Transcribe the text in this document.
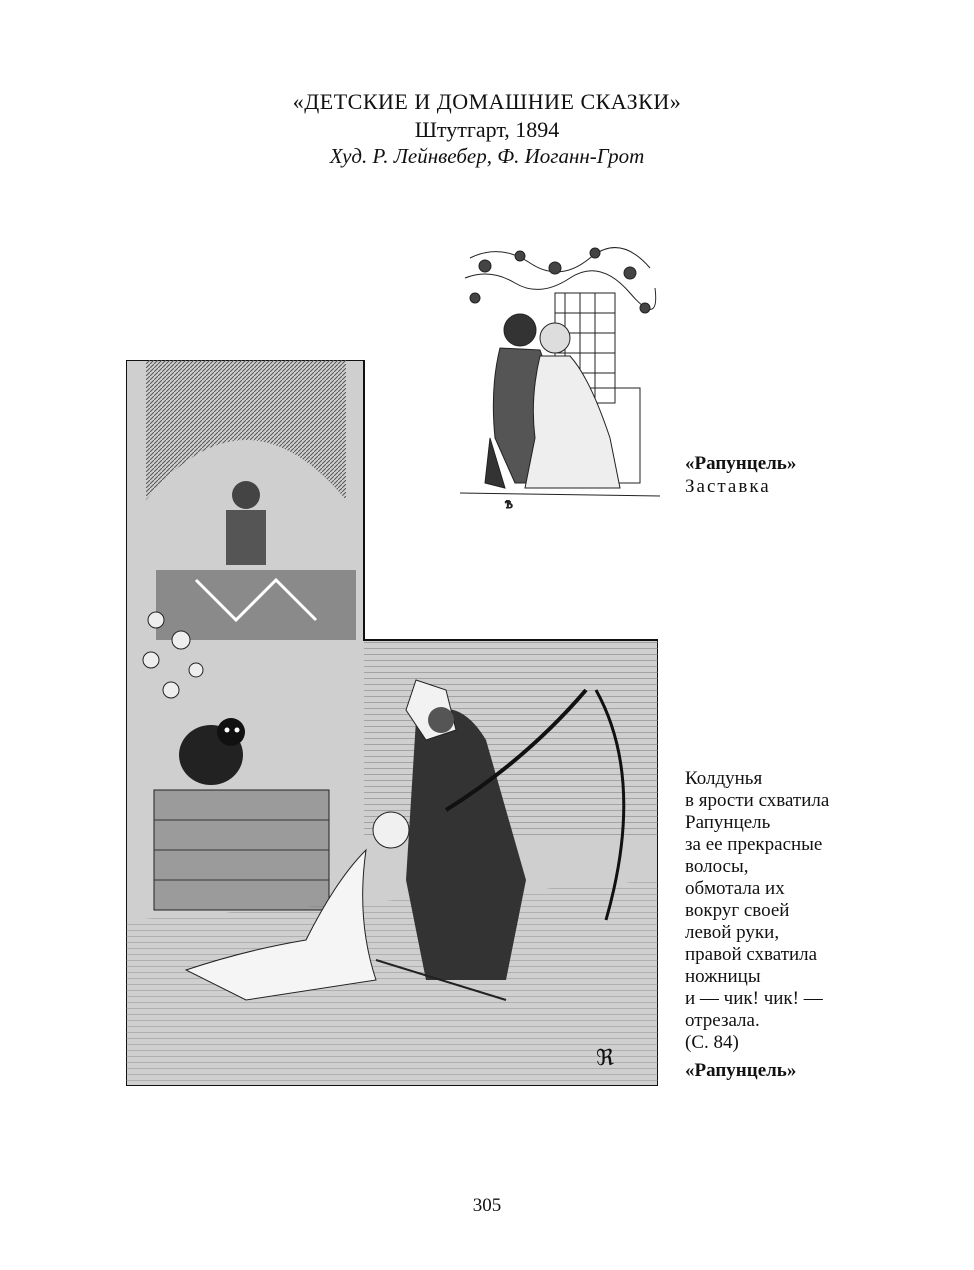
«ДЕТСКИЕ И ДОМАШНИЕ СКАЗКИ»
Штутгарт, 1894
Худ. Р. Лейнвебер, Ф. Иоганн-Грот
Ѣ
ℜ
«Рапунцель»
Заставка
Колдунья
в ярости схватила
Рапунцель
за ее прекрасные
волосы,
обмотала их
вокруг своей
левой руки,
правой схватила
ножницы
и — чик! чик! —
отрезала.
(С. 84)
«Рапунцель»
305
